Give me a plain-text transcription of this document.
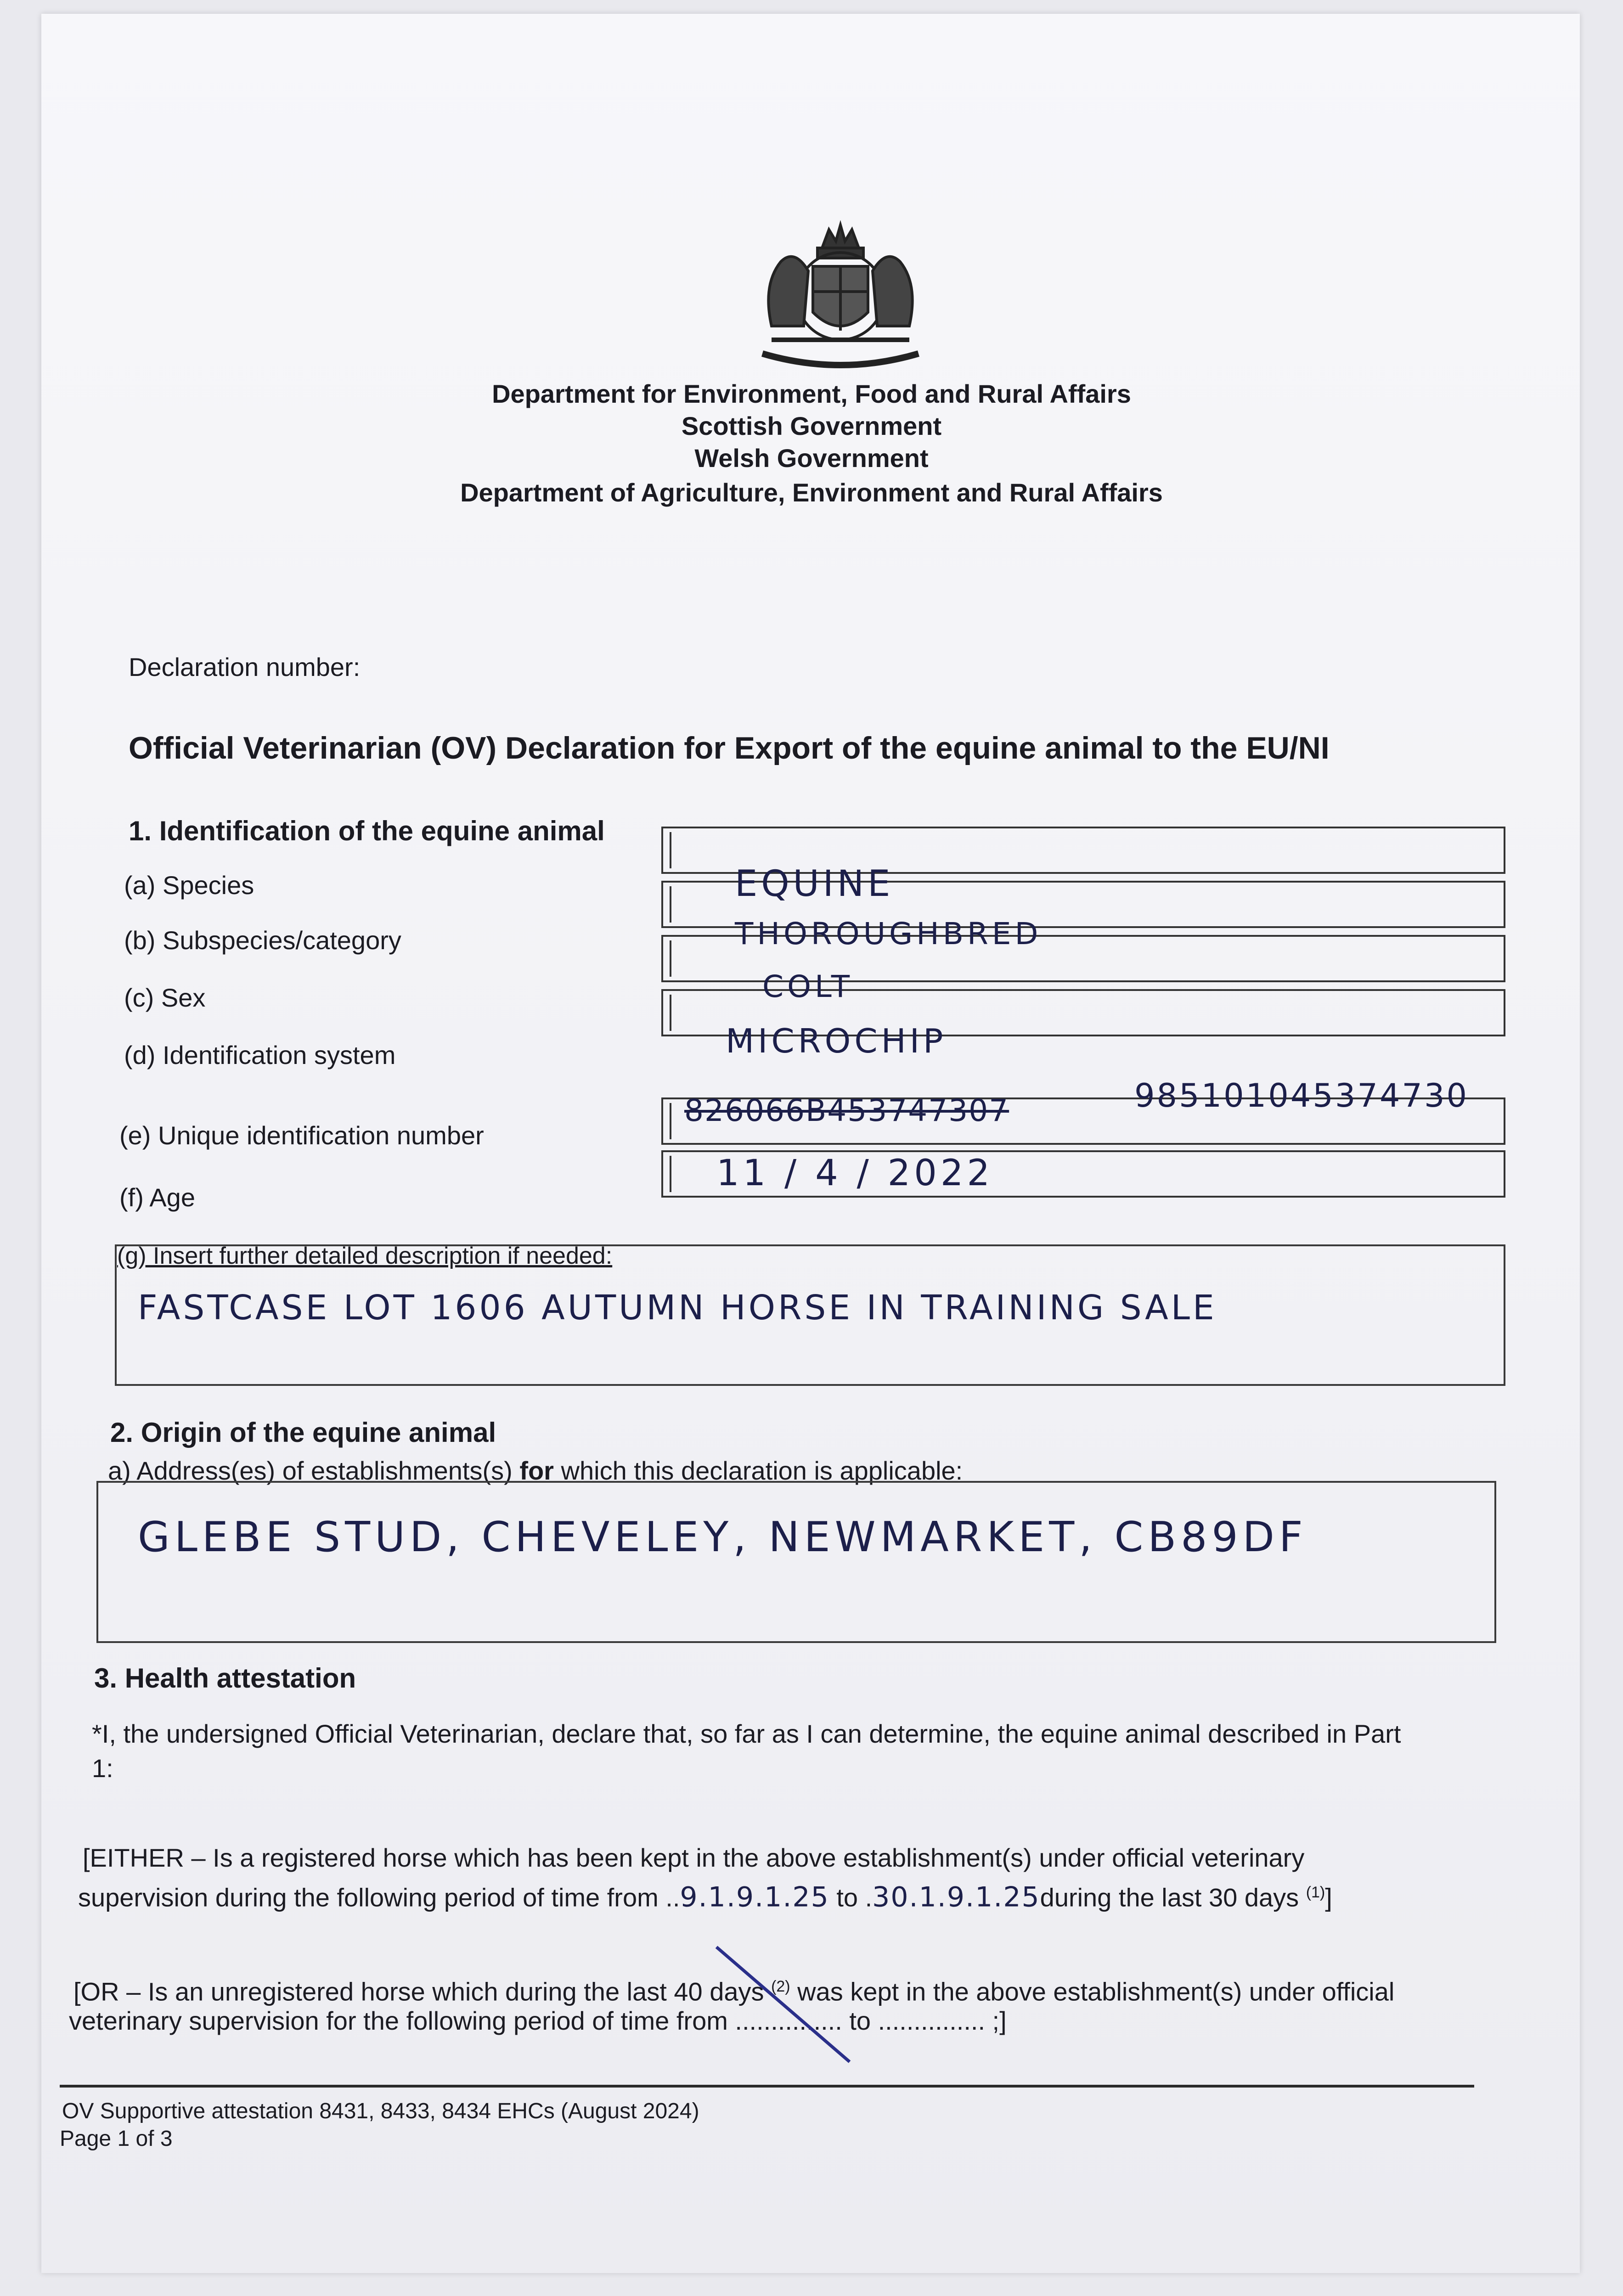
Department for Environment, Food and Rural Affairs
Scottish Government
Welsh Government
Department of Agriculture, Environment and Rural Affairs
Declaration number:
Official Veterinarian (OV) Declaration for Export of the equine animal to the EU/NI
1. Identification of the equine animal
(a) Species
(b) Subspecies/category
(c) Sex
(d) Identification system
(e) Unique identification number
(f) Age
EQUINE
THOROUGHBRED
COLT
MICROCHIP
826066B453747307	985101045374730
11 / 4 / 2022
(g) Insert further detailed description if needed:
FASTCASE LOT 1606 AUTUMN HORSE IN TRAINING SALE
2. Origin of the equine animal
a) Address(es) of establishments(s) for which this declaration is applicable:
GLEBE STUD, CHEVELEY, NEWMARKET, CB89DF
3. Health attestation
*I, the undersigned Official Veterinarian, declare that, so far as I can determine, the equine animal described in Part
1:
[EITHER – Is a registered horse which has been kept in the above establishment(s) under official veterinary
supervision during the following period of time from ..9.1.9.1.25 to .30.1.9.1.25during the last 30 days $^{(1)}$]
[OR – Is an unregistered horse which during the last 40 days $^{(2)}$ was kept in the above establishment(s) under official
veterinary supervision for the following period of time from ............... to ............... ;]
OV Supportive attestation 8431, 8433, 8434 EHCs (August 2024)
Page 1 of 3
